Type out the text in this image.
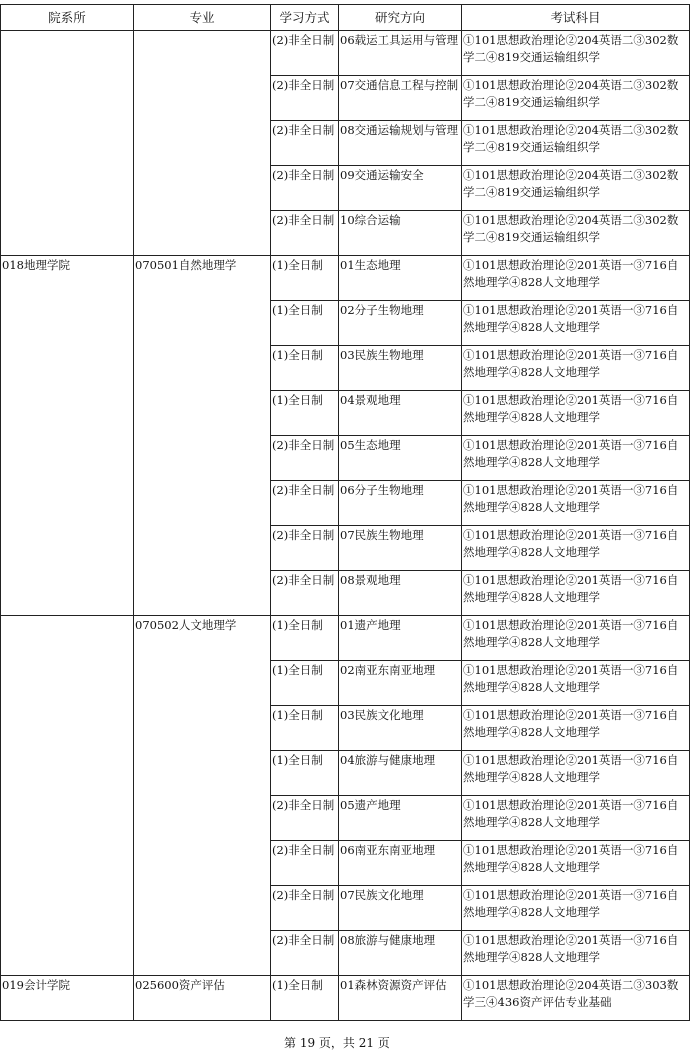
院系所	专业	学习方式	研究方向	考试科目
		(2)非全日制	06载运工具运用与管理	①101思想政治理论②204英语二③302数学二④819交通运输组织学
		(2)非全日制	07交通信息工程与控制	①101思想政治理论②204英语二③302数学二④819交通运输组织学
		(2)非全日制	08交通运输规划与管理	①101思想政治理论②204英语二③302数学二④819交通运输组织学
		(2)非全日制	09交通运输安全	①101思想政治理论②204英语二③302数学二④819交通运输组织学
		(2)非全日制	10综合运输	①101思想政治理论②204英语二③302数学二④819交通运输组织学
018地理学院	070501自然地理学	(1)全日制	01生态地理	①101思想政治理论②201英语一③716自然地理学④828人文地理学
		(1)全日制	02分子生物地理	①101思想政治理论②201英语一③716自然地理学④828人文地理学
		(1)全日制	03民族生物地理	①101思想政治理论②201英语一③716自然地理学④828人文地理学
		(1)全日制	04景观地理	①101思想政治理论②201英语一③716自然地理学④828人文地理学
		(2)非全日制	05生态地理	①101思想政治理论②201英语一③716自然地理学④828人文地理学
		(2)非全日制	06分子生物地理	①101思想政治理论②201英语一③716自然地理学④828人文地理学
		(2)非全日制	07民族生物地理	①101思想政治理论②201英语一③716自然地理学④828人文地理学
		(2)非全日制	08景观地理	①101思想政治理论②201英语一③716自然地理学④828人文地理学
	070502人文地理学	(1)全日制	01遗产地理	①101思想政治理论②201英语一③716自然地理学④828人文地理学
		(1)全日制	02南亚东南亚地理	①101思想政治理论②201英语一③716自然地理学④828人文地理学
		(1)全日制	03民族文化地理	①101思想政治理论②201英语一③716自然地理学④828人文地理学
		(1)全日制	04旅游与健康地理	①101思想政治理论②201英语一③716自然地理学④828人文地理学
		(2)非全日制	05遗产地理	①101思想政治理论②201英语一③716自然地理学④828人文地理学
		(2)非全日制	06南亚东南亚地理	①101思想政治理论②201英语一③716自然地理学④828人文地理学
		(2)非全日制	07民族文化地理	①101思想政治理论②201英语一③716自然地理学④828人文地理学
		(2)非全日制	08旅游与健康地理	①101思想政治理论②201英语一③716自然地理学④828人文地理学
019会计学院	025600资产评估	(1)全日制	01森林资源资产评估	①101思想政治理论②204英语二③303数学三④436资产评估专业基础
第 19 页，共 21 页
